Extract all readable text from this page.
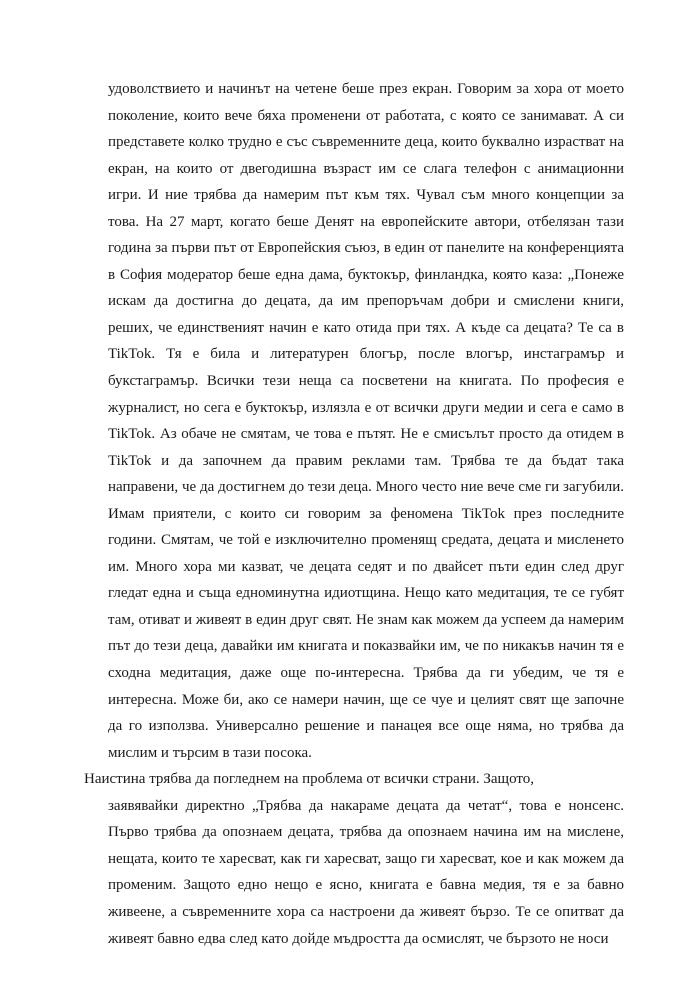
удоволствието и начинът на четене беше през екран. Говорим за хора от моето поколение, които вече бяха променени от работата, с която се занимават. А си представете колко трудно е със съвременните деца, които буквално израстват на екран, на които от двегодишна възраст им се слага телефон с анимационни игри. И ние трябва да намерим път към тях. Чувал съм много концепции за това. На 27 март, когато беше Денят на европейските автори, отбелязан тази година за първи път от Европейския съюз, в един от панелите на конференцията в София модератор беше една дама, буктокър, финландка, която каза: „Понеже искам да достигна до децата, да им препоръчам добри и смислени книги, реших, че единственият начин е като отида при тях. А къде са децата? Те са в TikTok. Тя е била и литературен блогър, после влогър, инстаграмър и букстаграмър. Всички тези неща са посветени на книгата. По професия е журналист, но сега е буктокър, излязла е от всички други медии и сега е само в TikTok. Аз обаче не смятам, че това е пътят. Не е смисълът просто да отидем в TikTok и да започнем да правим реклами там. Трябва те да бъдат така направени, че да достигнем до тези деца. Много често ние вече сме ги загубили. Имам приятели, с които си говорим за феномена TikTok през последните години. Смятам, че той е изключително променящ средата, децата и мисленето им. Много хора ми казват, че децата седят и по двайсет пъти един след друг гледат една и съща едноминутна идиотщина. Нещо като медитация, те се губят там, отиват и живеят в един друг свят. Не знам как можем да успеем да намерим път до тези деца, давайки им книгата и показвайки им, че по никакъв начин тя е сходна медитация, даже още по-интересна. Трябва да ги убедим, че тя е интересна. Може би, ако се намери начин, ще се чуе и целият свят ще започне да го използва. Универсално решение и панацея все още няма, но трябва да мислим и търсим в тази посока.

Наистина трябва да погледнем на проблема от всички страни. Защото,
заявявайки директно „Трябва да накараме децата да четат“, това е нонсенс. Първо трябва да опознаем децата, трябва да опознаем начина им на мислене, нещата, които те харесват, как ги харесват, защо ги харесват, кое и как можем да променим. Защото едно нещо е ясно, книгата е бавна медия, тя е за бавно живеене, а съвременните хора са настроени да живеят бързо. Те се опитват да живеят бавно едва след като дойде мъдростта да осмислят, че бързото не носи
